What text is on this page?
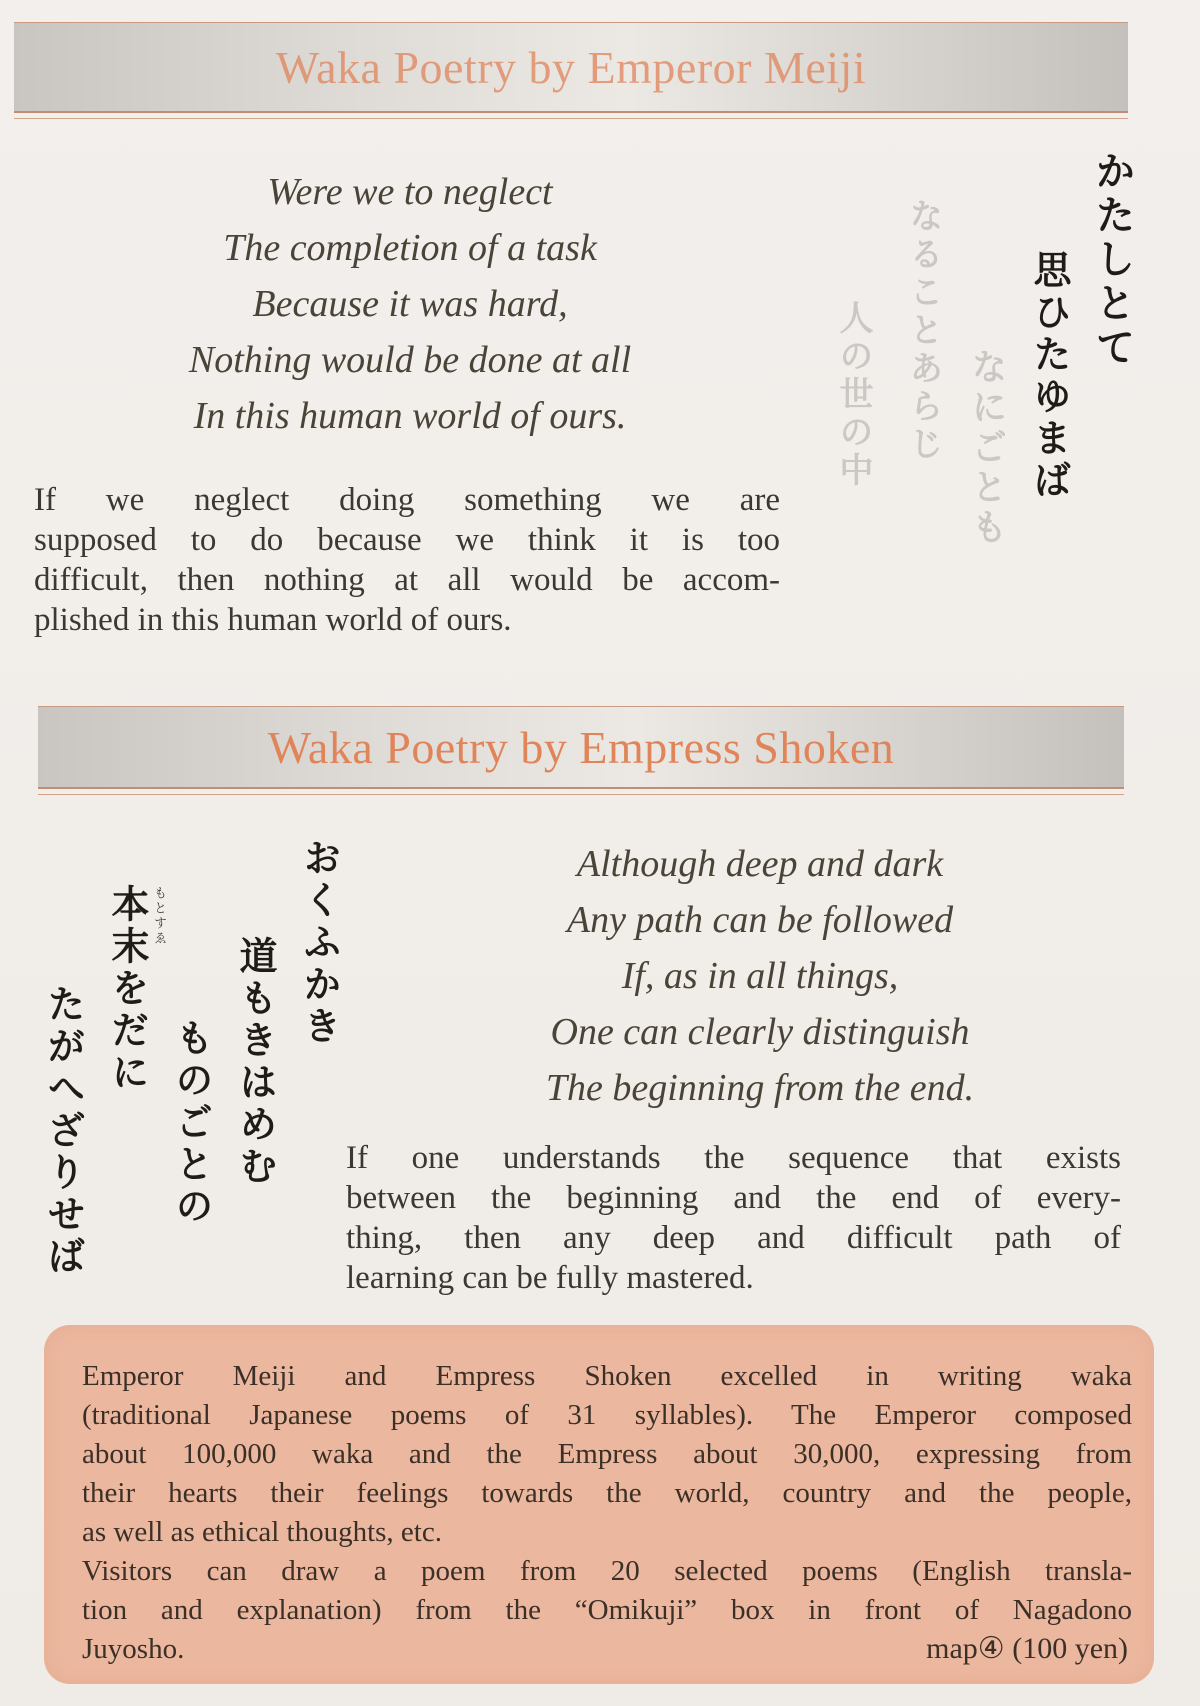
Waka Poetry by Emperor Meiji
Were we to neglect
The completion of a task
Because it was hard,
Nothing would be done at all
In this human world of ours.
If we neglect doing something we are
supposed to do because we think it is too
difficult, then nothing at all would be accom-
plished in this human world of ours.
かたしとて
思ひたゆまば
なにごとも
なることあらじ
人の世の中
Waka Poetry by Empress Shoken
おくふかき
道もきはめむ
ものごとの
本末をだに もとすゑ
たがへざりせば
Although deep and dark
Any path can be followed
If, as in all things,
One can clearly distinguish
The beginning from the end.
If one understands the sequence that exists
between the beginning and the end of every-
thing, then any deep and difficult path of
learning can be fully mastered.
Emperor Meiji and Empress Shoken excelled in writing waka
(traditional Japanese poems of 31 syllables). The Emperor composed
about 100,000 waka and the Empress about 30,000, expressing from
their hearts their feelings towards the world, country and the people,
as well as ethical thoughts, etc.
Visitors can draw a poem from 20 selected poems (English transla-
tion and explanation) from the “Omikuji” box in front of Nagadono
Juyosho.	map④ (100 yen)
